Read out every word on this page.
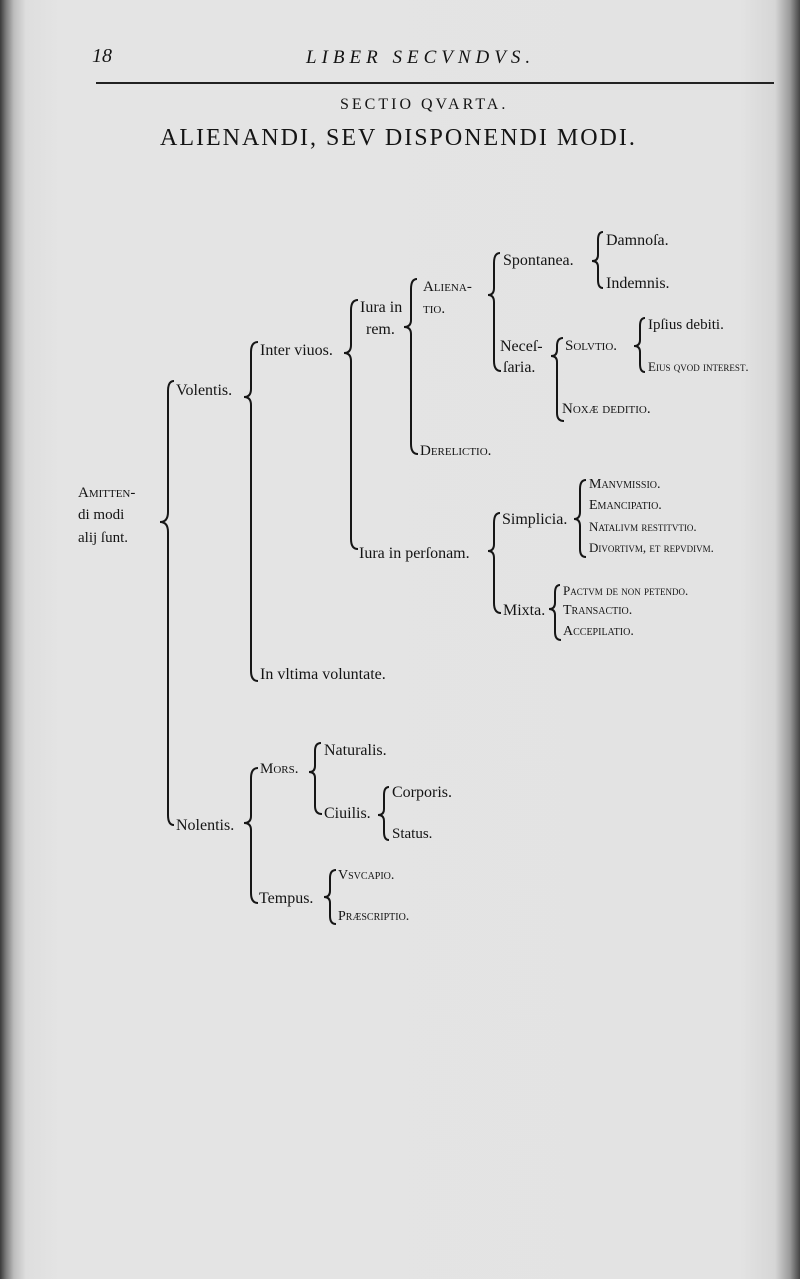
18	LIBER SECVNDVS.
SECTIO QVARTA.
ALIENANDI, SEV DISPONENDI MODI.
Amitten-
di modi
alij ſunt.
Volentis.
Inter viuos.
Iura in
rem.
Aliena-
tio.
Spontanea.
Damnoſa.
Indemnis.
Neceſ-
ſaria.
Solvtio.
Ipſius debiti.
Eius qvod interest.
Noxæ deditio.
Derelictio.
Iura in perſonam.
Simplicia.
Manvmissio.
Emancipatio.
Natalivm restitvtio.
Divortivm, et repvdivm.
Mixta.
Pactvm de non petendo.
Transactio.
Accepilatio.
In vltima voluntate.
Nolentis.
Mors.
Naturalis.
Ciuilis.
Corporis.
Status.
Tempus.
Vsvcapio.
Præscriptio.
